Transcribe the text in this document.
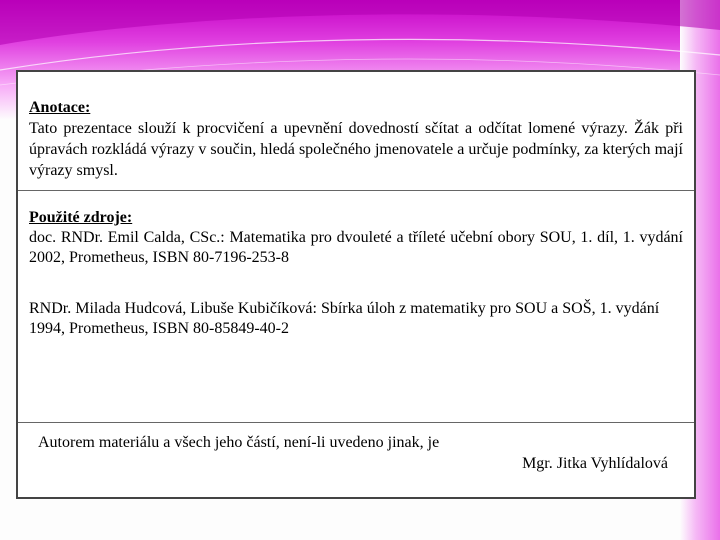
Anotace:

Tato prezentace slouží k procvičení a upevnění dovedností sčítat a odčítat lomené výrazy. Žák při úpravách rozkládá výrazy v součin, hledá společného jmenovatele a určuje podmínky, za kterých mají výrazy smysl.

Použité zdroje:

doc. RNDr. Emil Calda, CSc.: Matematika pro dvouleté a tříleté učební obory SOU, 1. díl, 1. vydání 2002, Prometheus, ISBN 80-7196-253-8

RNDr. Milada Hudcová, Libuše Kubičíková: Sbírka úloh z matematiky pro SOU a SOŠ, 1. vydání 1994, Prometheus, ISBN 80-85849-40-2

Autorem materiálu a všech jeho částí, není-li uvedeno jinak, je

Mgr. Jitka Vyhlídalová
